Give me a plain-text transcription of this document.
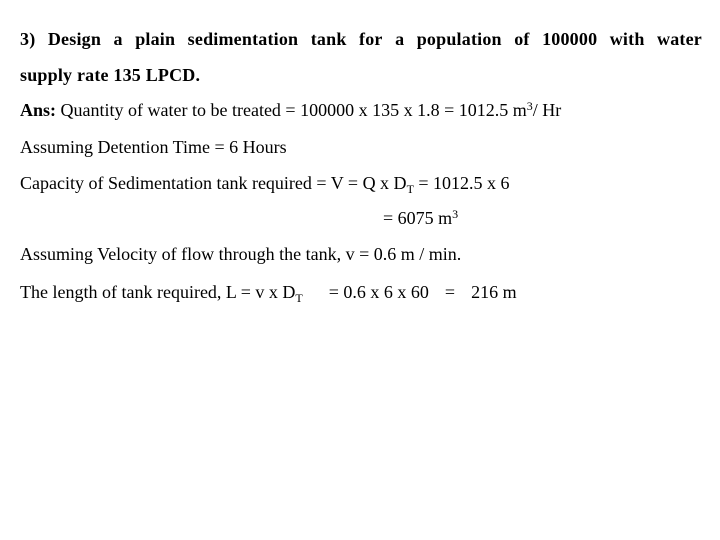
3) Design a plain sedimentation tank for a population of 100000 with water
supply rate 135 LPCD.
Ans: Quantity of water to be treated = 100000 x 135 x 1.8 = 1012.5 $m^3/$ Hr
Assuming Detention Time = 6 Hours
Capacity of Sedimentation tank required = V = Q x $D_T = 1012.5$ x 6
= 6075 $m^3$
Assuming Velocity of flow through the tank, v = 0.6 m / min.
The length of tank required, L = v x $D_T = 0.6$ x 6 x 60 = 216 m
